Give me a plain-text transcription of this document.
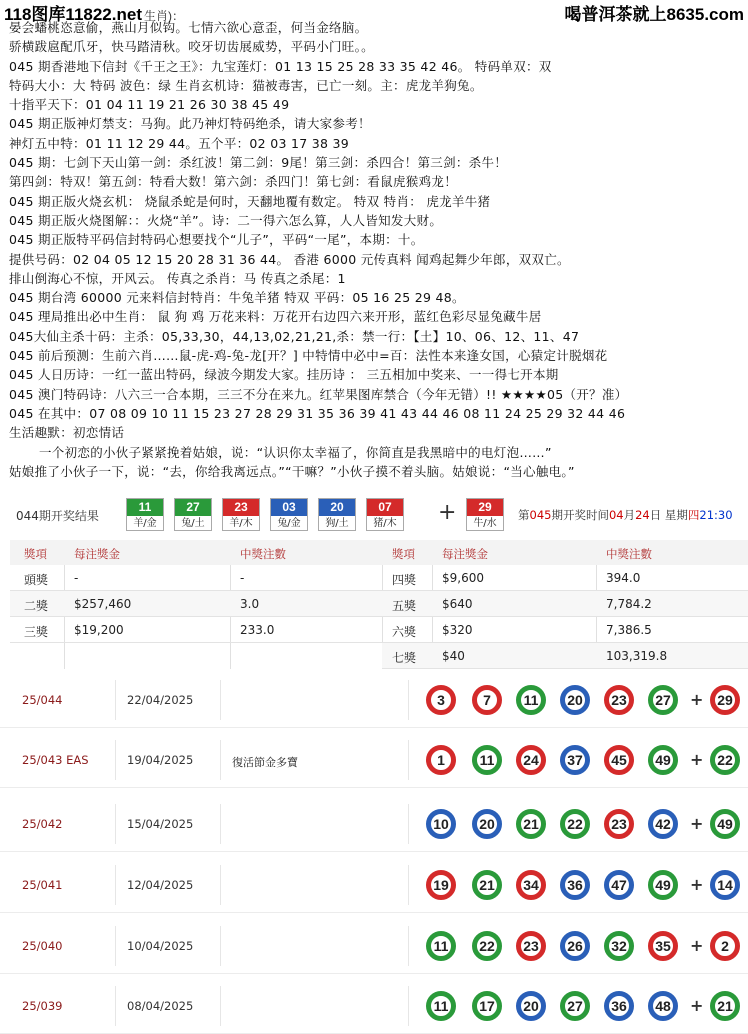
118图库11822.net 生肖)：	喝普洱茶就上8635.com
晏会蟠桃恣意偷，燕山月似钩。七情六欲心意歪，何当金络脑。
骄横跋扈配爪牙，快马踏清秋。咬牙切齿展威势，平码小门旺。。
045 期香港地下信封《千王之王》：九宝莲灯：01 13 15 25 28 33 35 42 46。 特码单双：双
特码大小：大 特码 波色：绿 生肖玄机诗：猫被毒害，已亡一刻。主：虎龙羊狗兔。
十指平天下：01 04 11 19 21 26 30 38 45 49
045 期正版神灯禁支：马狗。此乃神灯特码绝杀，请大家参考！
神灯五中特：01 11 12 29 44。五个平：02 03 17 38 39
045 期：七剑下天山第一剑：杀红波！第二剑：9尾！第三剑：杀四合！第三剑：杀牛！
第四剑：特双！第五剑：特看大数！第六剑：杀四门！第七剑：看鼠虎猴鸡龙！
045 期正版火烧玄机： 烧鼠杀蛇是何时，天翻地覆有数定。 特双 特肖： 虎龙羊牛猪
045 期正版火烧图解：：火烧“羊”。诗：二一得六怎么算，人人皆知发大财。
045 期正版特平码信封特码心想要找个“儿子”，平码“一尾”，本期：十。
提供号码：02 04 05 12 15 20 28 31 36 44。 香港 6000 元传真料 闻鸡起舞少年郎，双双亡。
排山倒海心不惊，开风云。 传真之杀肖：马 传真之杀尾：1
045 期台湾 60000 元来料信封特肖：牛兔羊猪 特双 平码：05 16 25 29 48。
045 理局推出必中生肖： 鼠 狗 鸡 万花来料：万花开右边四六来开形，蓝红色彩尽显兔藏牛居
045大仙主杀十码：主杀：05,33,30，44,13,02,21,21,杀：禁一行：【土】10、06、12、11、47
045 前后预测：生前六肖……鼠-虎-鸡-兔-龙[开？] 中特情中必中=百：法性本来逢女国，心猿定计脱烟花
045 人日历诗：一红一蓝出特码，绿波今期发大家。挂历诗 ： 三五相加中奖来、一一得七开本期
045 澳门特码诗：八六三一合本期，三三不分在来九。红苹果图库禁合（今年无错）!! ★★★★05（开？准）
045 在其中：07 08 09 10 11 15 23 27 28 29 31 35 36 39 41 43 44 46 08 11 24 25 29 32 44 46
生活趣默：初恋情话
一个初恋的小伙子紧紧挽着姑娘，说：“认识你太幸福了，你简直是我黑暗中的电灯泡……”
姑娘推了小伙子一下，说：“去，你给我离远点。”“干嘛？”小伙子摸不着头脑。姑娘说：“当心触电。”
044期开奖结果	+	第045期开奖时间04月24日 星期四21:30
11
羊/金
27
兔/土
23
羊/木
03
兔/金
20
狗/土
07
猪/木
29
牛/水
獎項 每注獎金	中獎注數	獎項 每注獎金	中獎注數
頭獎 -	-
二獎 $257,460	3.0
三獎 $19,200	233.0
四獎 $9,600	394.0
五獎 $640	7,784.2
六獎 $320	7,386.5
七獎 $40	103,319.8
25/044	22/04/2025	3	7	11	20	23	27	+ 29
25/043 EAS	19/04/2025	復活節金多寶	1	11	24	37	45	49	+ 22
25/042	15/04/2025	10	20	21	22	23	42	+ 49
25/041	12/04/2025	19	21	34	36	47	49	+ 14
25/040	10/04/2025	11	22	23	26	32	35	+	2
25/039	08/04/2025	11	17	20	27	36	48	+ 21
